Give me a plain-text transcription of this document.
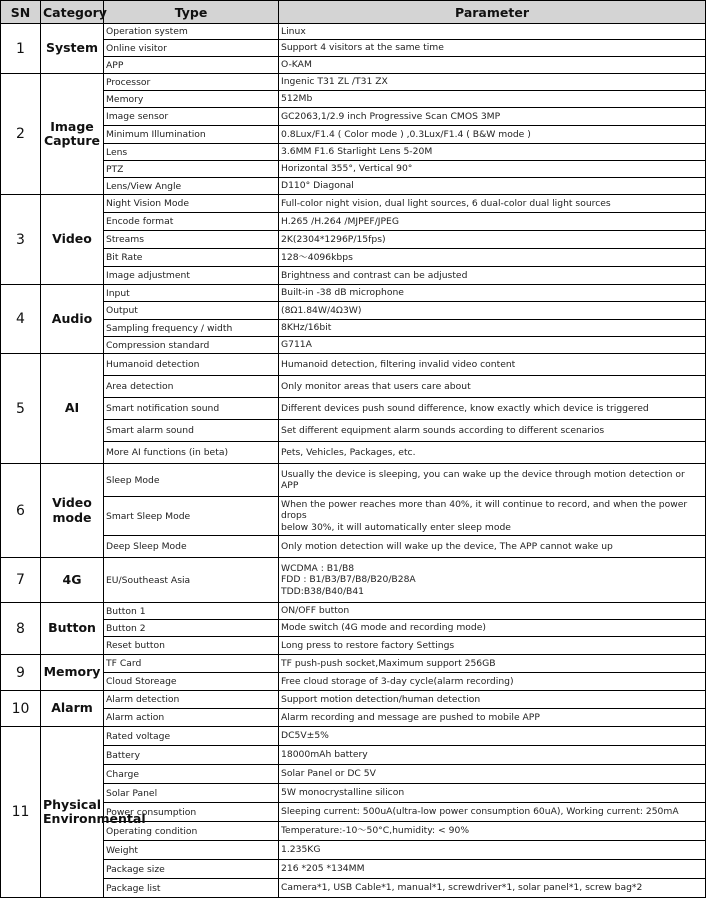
SN	Category	Type	Parameter
1	System	Operation system	Linux

		Online visitor	Support 4 visitors at the same time

		APP	O-KAM

2	Image Capture	Processor	Ingenic T31 ZL /T31 ZX

		Memory	512Mb

		Image sensor	GC2063,1/2.9 inch Progressive Scan CMOS 3MP

		Minimum Illumination	0.8Lux/F1.4 ( Color mode ) ,0.3Lux/F1.4 ( B&W mode )

		Lens	3.6MM F1.6 Starlight Lens 5-20M

		PTZ	Horizontal 355°, Vertical 90°

		Lens/View Angle	D110° Diagonal

3	Video	Night Vision Mode	Full-color night vision, dual light sources, 6 dual-color dual light sources

		Encode format	H.265 /H.264 /MJPEF/JPEG

		Streams	2K(2304*1296P/15fps)

		Bit Rate	128～4096kbps

		Image adjustment	Brightness and contrast can be adjusted

4	Audio	Input	Built-in -38 dB microphone

		Output	(8Ω1.84W/4Ω3W)

		Sampling frequency / width	8KHz/16bit

		Compression standard	G711A

5	AI	Humanoid detection	Humanoid detection, filtering invalid video content

		Area detection	Only monitor areas that users care about

		Smart notification sound	Different devices push sound difference, know exactly which device is triggered

		Smart alarm sound	Set different equipment alarm sounds according to different scenarios

		More AI functions (in beta)	Pets, Vehicles, Packages, etc.

6	Video mode	Sleep Mode	Usually the device is sleeping, you can wake up the device through motion detection or APP

		Smart Sleep Mode	When the power reaches more than 40%, it will continue to record, and when the power drops
below 30%, it will automatically enter sleep mode

		Deep Sleep Mode	Only motion detection will wake up the device, The APP cannot wake up

7	4G	EU/Southeast Asia	WCDMA : B1/B8
FDD : B1/B3/B7/B8/B20/B28A
TDD:B38/B40/B41

8	Button	Button 1	ON/OFF button

		Button 2	Mode switch (4G mode and recording mode)

		Reset button	Long press to restore factory Settings

9	Memory	TF Card	TF push-push socket,Maximum support 256GB

		Cloud Storeage	Free cloud storage of 3-day cycle(alarm recording)

10	Alarm	Alarm detection	Support motion detection/human detection

		Alarm action	Alarm recording and message are pushed to mobile APP

11	Physical Environmental	Rated voltage	DC5V±5%

		Battery	18000mAh battery

		Charge	Solar Panel or DC 5V

		Solar Panel	5W monocrystalline silicon

		Power consumption	Sleeping current: 500uA(ultra-low power consumption 60uA), Working current: 250mA

		Operating condition	Temperature:-10～50°C,humidity: < 90%

		Weight	1.235KG

		Package size	216 *205 *134MM

		Package list	Camera*1, USB Cable*1, manual*1, screwdriver*1, solar panel*1, screw bag*2
